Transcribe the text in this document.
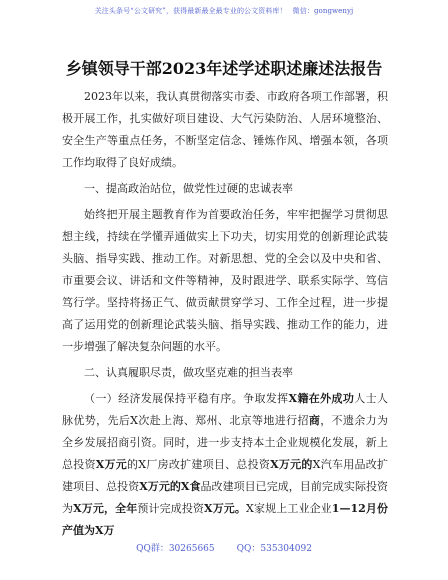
关注头条号“公文研究”，获得最新最全最专业的公文资料库！ 微信：gongwenyj
乡镇领导干部2023年述学述职述廉述法报告

2023年以来，我认真贯彻落实市委、市政府各项工作部署，积极开展工作，扎实做好项目建设、大气污染防治、人居环境整治、安全生产等重点任务，不断坚定信念、锤炼作风、增强本领，各项工作均取得了良好成绩。

一、提高政治站位，做党性过硬的忠诚表率

始终把开展主题教育作为首要政治任务，牢牢把握学习贯彻思想主线，持续在学懂弄通做实上下功夫，切实用党的创新理论武装头脑、指导实践、推动工作。对新思想、党的全会以及中央和省、市重要会议、讲话和文件等精神，及时跟进学、联系实际学、笃信笃行学。坚持将扬正气、做贡献贯穿学习、工作全过程，进一步提高了运用党的创新理论武装头脑、指导实践、推动工作的能力，进一步增强了解决复杂问题的水平。

二、认真履职尽责，做攻坚克难的担当表率

（一）经济发展保持平稳有序。争取发挥X籍在外成功人士人脉优势，先后X次赴上海、郑州、北京等地进行招商，不遗余力为全乡发展招商引资。同时，进一步支持本土企业规模化发展，新上总投资X万元的X厂房改扩建项目、总投资X万元的X汽车用品改扩建项目、总投资X万元的X食品改建项目已完成，目前完成实际投资为X万元，全年预计完成投资X万元。X家规上工业企业1—12月份产值为X万

QQ群：30265665 QQ：535304092
